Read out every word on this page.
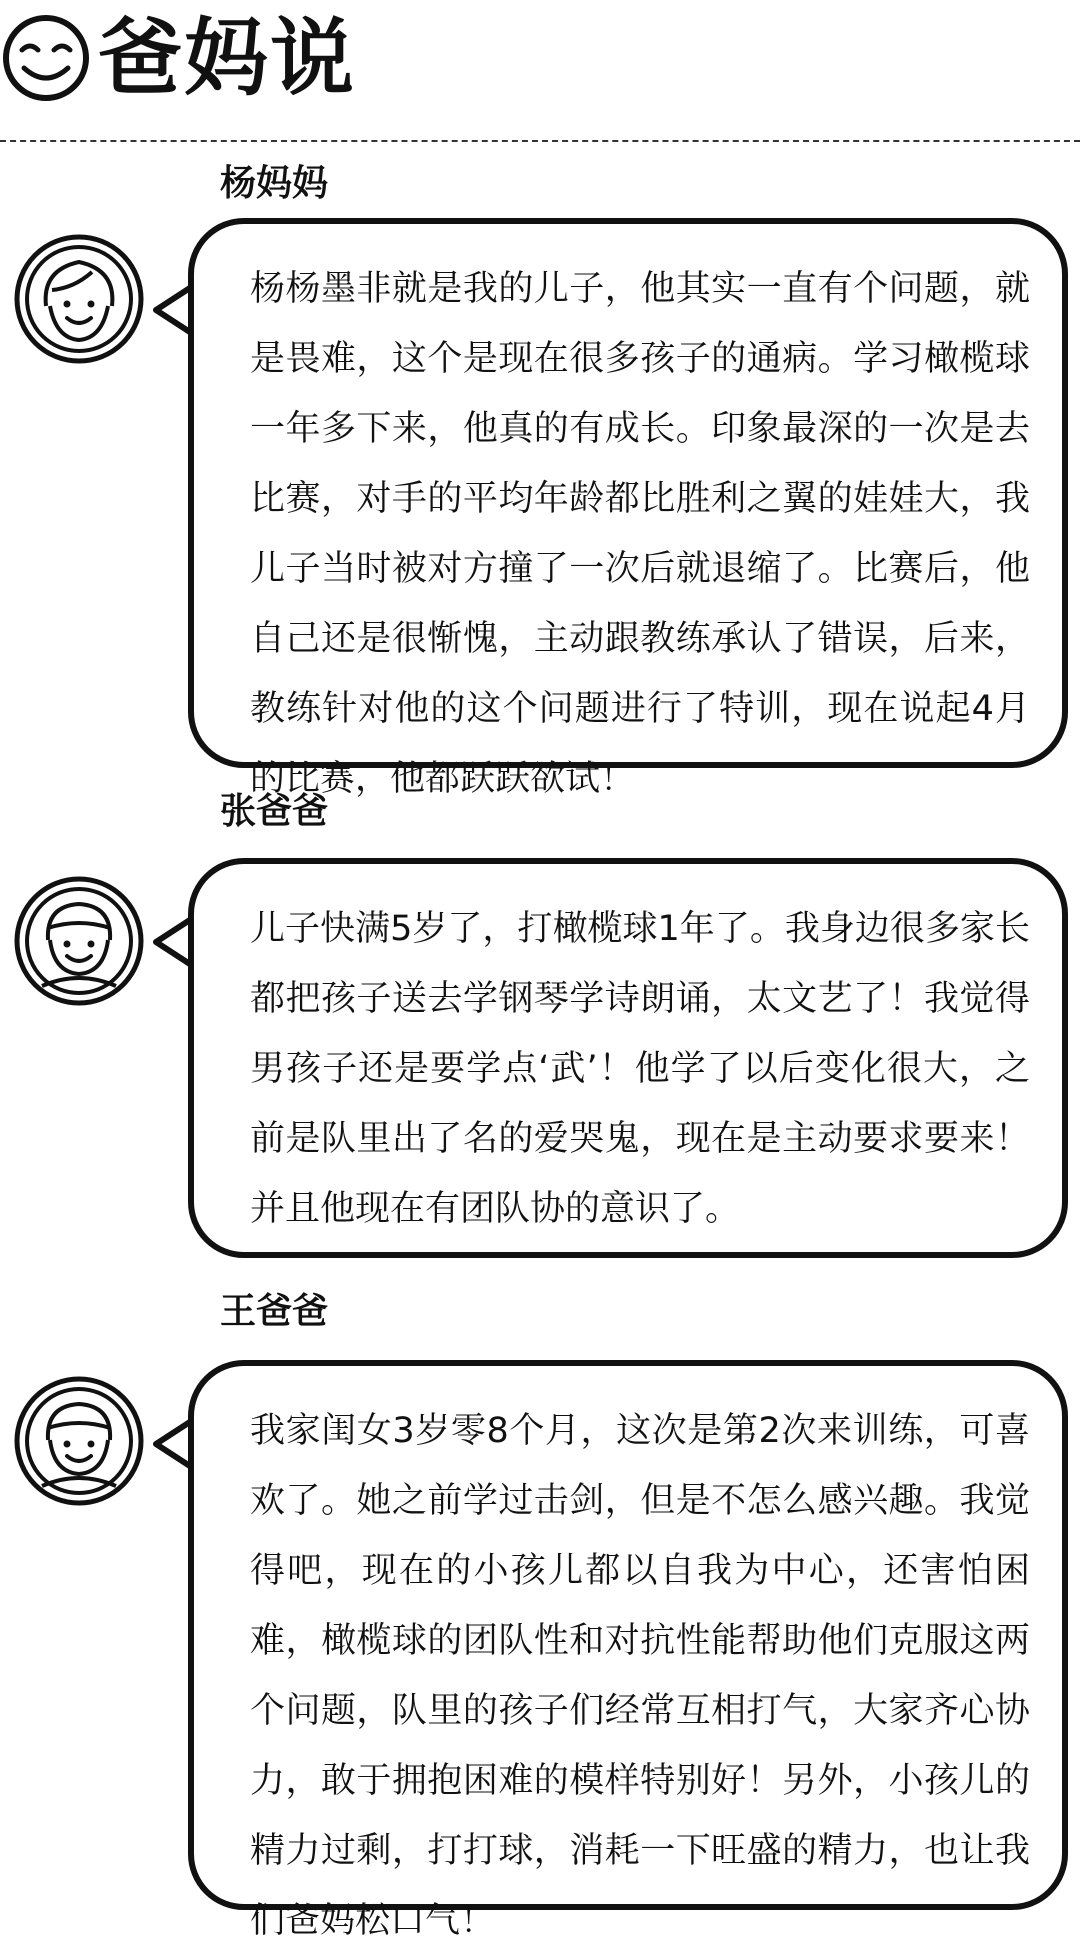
爸妈说
杨妈妈

杨杨墨非就是我的儿子，他其实一直有个问题，就是畏难，这个是现在很多孩子的通病。学习橄榄球一年多下来，他真的有成长。印象最深的一次是去比赛，对手的平均年龄都比胜利之翼的娃娃大，我儿子当时被对方撞了一次后就退缩了。比赛后，他自己还是很惭愧，主动跟教练承认了错误，后来，教练针对他的这个问题进行了特训，现在说起4月的比赛，他都跃跃欲试！

张爸爸

儿子快满5岁了，打橄榄球1年了。我身边很多家长都把孩子送去学钢琴学诗朗诵，太文艺了！我觉得男孩子还是要学点‘武’！他学了以后变化很大，之前是队里出了名的爱哭鬼，现在是主动要求要来！并且他现在有团队协的意识了。

王爸爸

我家闺女3岁零8个月，这次是第2次来训练，可喜欢了。她之前学过击剑，但是不怎么感兴趣。我觉得吧，现在的小孩儿都以自我为中心，还害怕困难，橄榄球的团队性和对抗性能帮助他们克服这两个问题，队里的孩子们经常互相打气，大家齐心协力，敢于拥抱困难的模样特别好！另外，小孩儿的精力过剩，打打球，消耗一下旺盛的精力，也让我们爸妈松口气！
